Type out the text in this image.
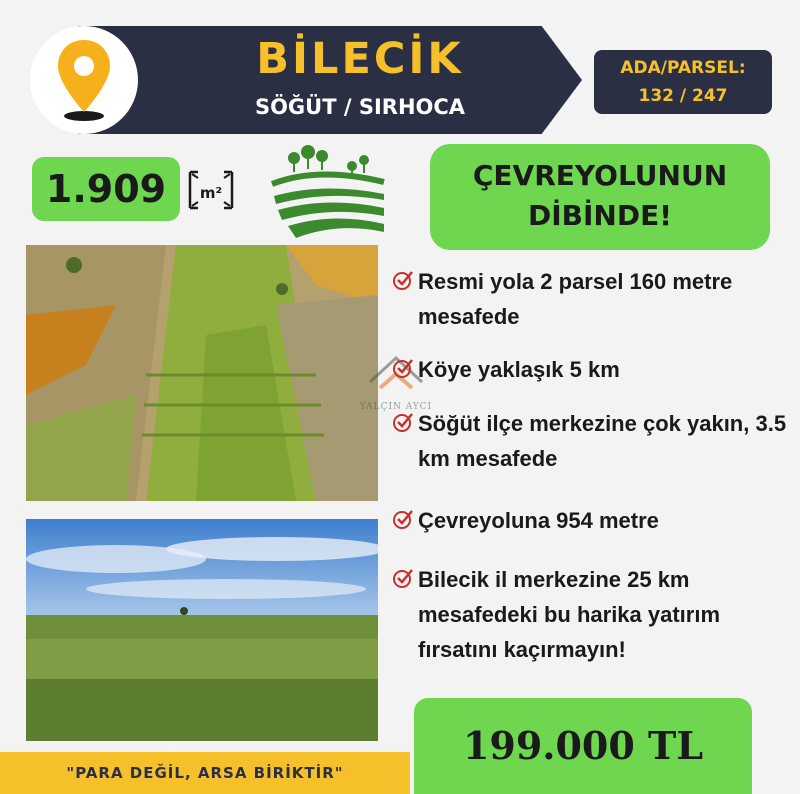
BİLECİK
SÖĞÜT / SIRHOCA
ADA/PARSEL:
132 / 247
1.909	m²
ÇEVREYOLUNUN
DİBİNDE!
YALÇIN AYCI
Resmi yola 2 parsel 160 metre mesafede
Köye yaklaşık 5 km
Söğüt ilçe merkezine çok yakın, 3.5 km mesafede
Çevreyoluna 954 metre
Bilecik il merkezine 25 km mesafedeki bu harika yatırım fırsatını kaçırmayın!
"PARA DEĞİL, ARSA BİRİKTİR"
199.000 TL
